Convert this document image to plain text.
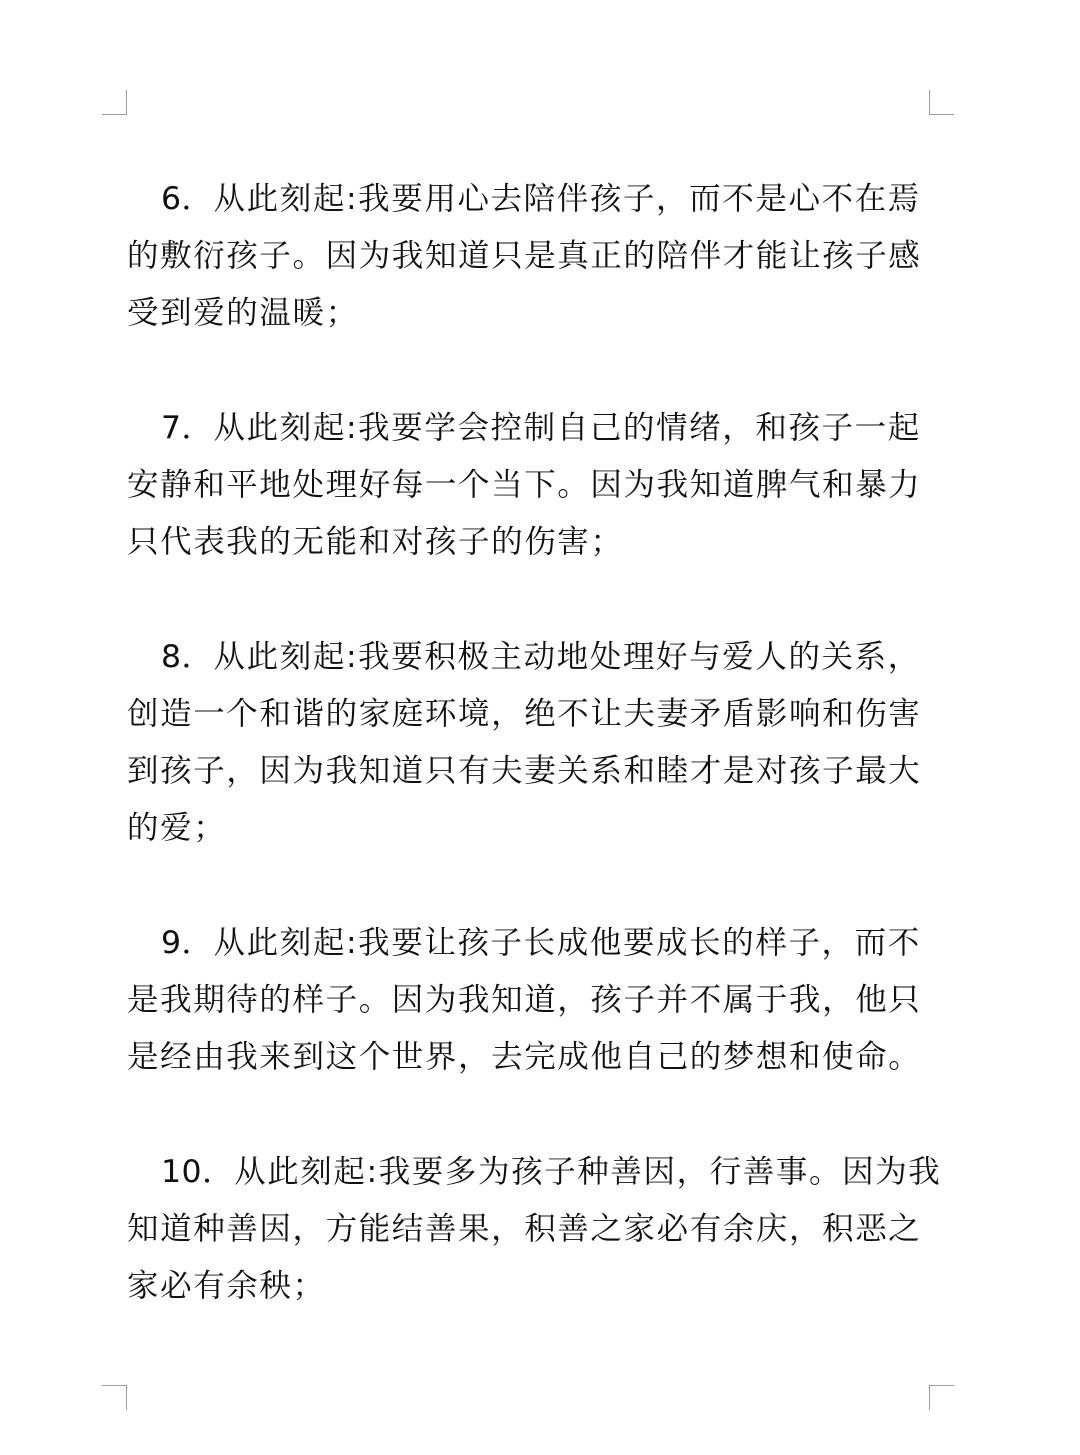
6．从此刻起:我要用心去陪伴孩子，而不是心不在焉的敷衍孩子。因为我知道只是真正的陪伴才能让孩子感受到爱的温暖；

7．从此刻起:我要学会控制自己的情绪，和孩子一起安静和平地处理好每一个当下。因为我知道脾气和暴力只代表我的无能和对孩子的伤害；

8．从此刻起:我要积极主动地处理好与爱人的关系，创造一个和谐的家庭环境，绝不让夫妻矛盾影响和伤害到孩子，因为我知道只有夫妻关系和睦才是对孩子最大的爱；

9．从此刻起:我要让孩子长成他要成长的样子，而不是我期待的样子。因为我知道，孩子并不属于我，他只是经由我来到这个世界，去完成他自己的梦想和使命。

10．从此刻起:我要多为孩子种善因，行善事。因为我知道种善因，方能结善果，积善之家必有余庆，积恶之家必有余秧；
